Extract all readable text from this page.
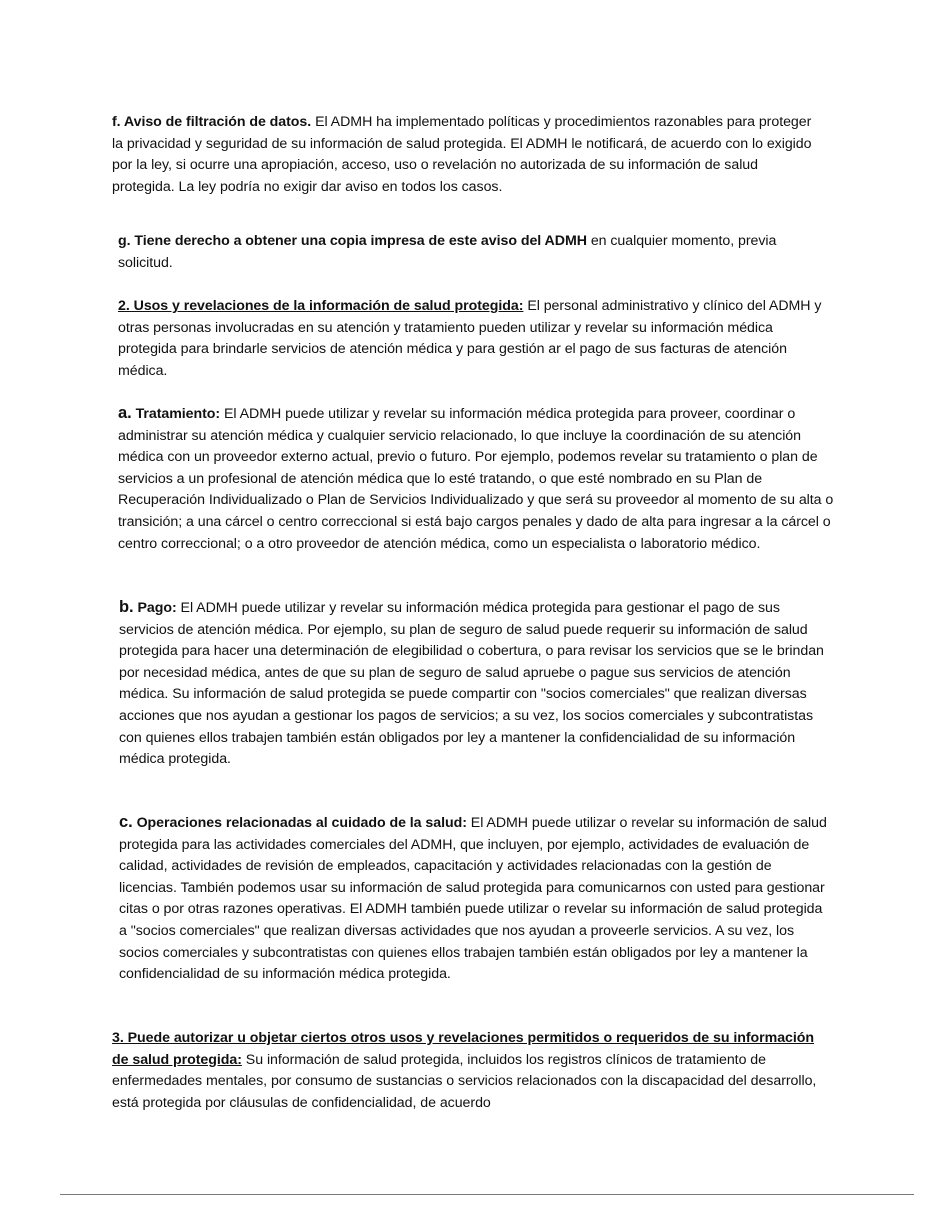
f. Aviso de filtración de datos. El ADMH ha implementado políticas y procedimientos razonables para proteger la privacidad y seguridad de su información de salud protegida. El ADMH le notificará, de acuerdo con lo exigido por la ley, si ocurre una apropiación, acceso, uso o revelación no autorizada de su información de salud protegida. La ley podría no exigir dar aviso en todos los casos.

g. Tiene derecho a obtener una copia impresa de este aviso del ADMH en cualquier momento, previa solicitud.

2. Usos y revelaciones de la información de salud protegida: El personal administrativo y clínico del ADMH y otras personas involucradas en su atención y tratamiento pueden utilizar y revelar su información médica protegida para brindarle servicios de atención médica y para gestión ar el pago de sus facturas de atención médica.

a. Tratamiento: El ADMH puede utilizar y revelar su información médica protegida para proveer, coordinar o administrar su atención médica y cualquier servicio relacionado, lo que incluye la coordinación de su atención médica con un proveedor externo actual, previo o futuro. Por ejemplo, podemos revelar su tratamiento o plan de servicios a un profesional de atención médica que lo esté tratando, o que esté nombrado en su Plan de Recuperación Individualizado o Plan de Servicios Individualizado y que será su proveedor al momento de su alta o transición; a una cárcel o centro correccional si está bajo cargos penales y dado de alta para ingresar a la cárcel o centro correccional; o a otro proveedor de atención médica, como un especialista o laboratorio médico.

b. Pago: El ADMH puede utilizar y revelar su información médica protegida para gestionar el pago de sus servicios de atención médica. Por ejemplo, su plan de seguro de salud puede requerir su información de salud protegida para hacer una determinación de elegibilidad o cobertura, o para revisar los servicios que se le brindan por necesidad médica, antes de que su plan de seguro de salud apruebe o pague sus servicios de atención médica. Su información de salud protegida se puede compartir con "socios comerciales" que realizan diversas acciones que nos ayudan a gestionar los pagos de servicios; a su vez, los socios comerciales y subcontratistas con quienes ellos trabajen también están obligados por ley a mantener la confidencialidad de su información médica protegida.

c. Operaciones relacionadas al cuidado de la salud: El ADMH puede utilizar o revelar su información de salud protegida para las actividades comerciales del ADMH, que incluyen, por ejemplo, actividades de evaluación de calidad, actividades de revisión de empleados, capacitación y actividades relacionadas con la gestión de licencias. También podemos usar su información de salud protegida para comunicarnos con usted para gestionar citas o por otras razones operativas. El ADMH también puede utilizar o revelar su información de salud protegida a "socios comerciales" que realizan diversas actividades que nos ayudan a proveerle servicios. A su vez, los socios comerciales y subcontratistas con quienes ellos trabajen también están obligados por ley a mantener la confidencialidad de su información médica protegida.

3. Puede autorizar u objetar ciertos otros usos y revelaciones permitidos o requeridos de su información de salud protegida: Su información de salud protegida, incluidos los registros clínicos de tratamiento de enfermedades mentales, por consumo de sustancias o servicios relacionados con la discapacidad del desarrollo, está protegida por cláusulas de confidencialidad, de acuerdo
